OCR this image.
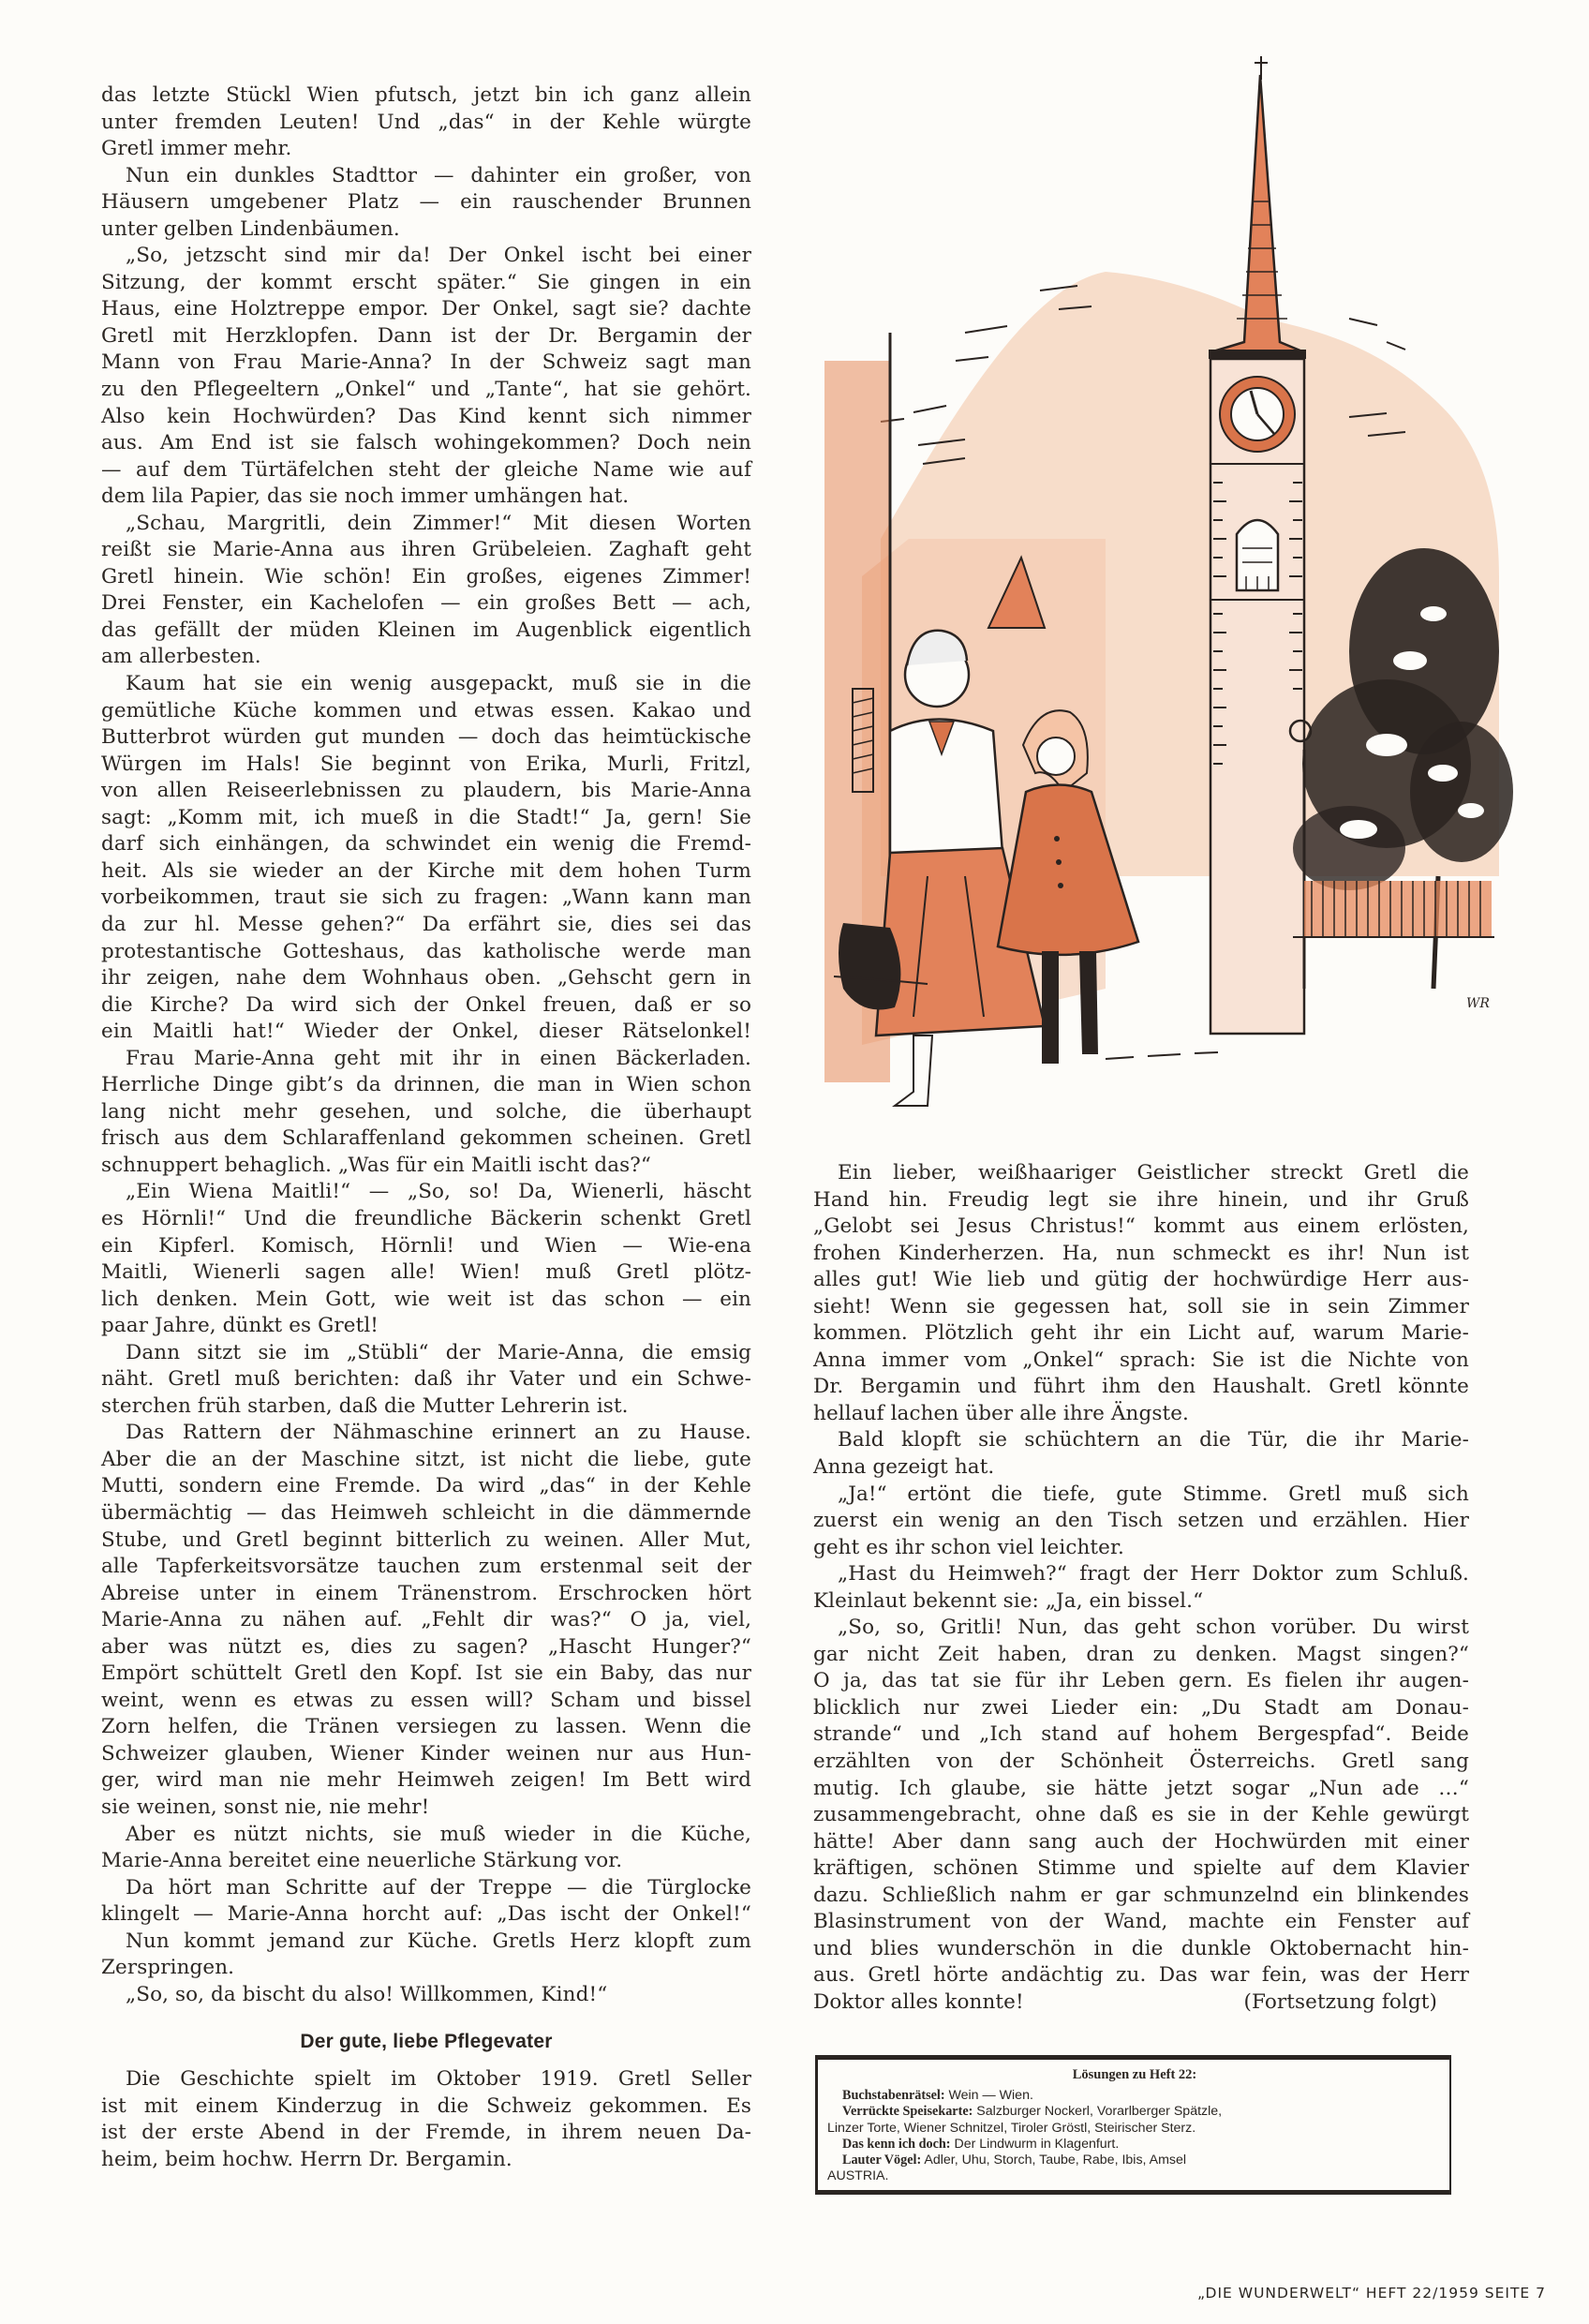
das letzte Stückl Wien pfutsch, jetzt bin ich ganz allein
unter fremden Leuten! Und „das“ in der Kehle würgte
Gretl immer mehr.
Nun ein dunkles Stadttor — dahinter ein großer, von
Häusern umgebener Platz — ein rauschender Brunnen
unter gelben Lindenbäumen.
„So, jetzscht sind mir da! Der Onkel ischt bei einer
Sitzung, der kommt erscht später.“ Sie gingen in ein
Haus, eine Holztreppe empor. Der Onkel, sagt sie? dachte
Gretl mit Herzklopfen. Dann ist der Dr. Bergamin der
Mann von Frau Marie-Anna? In der Schweiz sagt man
zu den Pflegeeltern „Onkel“ und „Tante“, hat sie gehört.
Also kein Hochwürden? Das Kind kennt sich nimmer
aus. Am End ist sie falsch wohingekommen? Doch nein
— auf dem Türtäfelchen steht der gleiche Name wie auf
dem lila Papier, das sie noch immer umhängen hat.
„Schau, Margritli, dein Zimmer!“ Mit diesen Worten
reißt sie Marie-Anna aus ihren Grübeleien. Zaghaft geht
Gretl hinein. Wie schön! Ein großes, eigenes Zimmer!
Drei Fenster, ein Kachelofen — ein großes Bett — ach,
das gefällt der müden Kleinen im Augenblick eigentlich
am allerbesten.
Kaum hat sie ein wenig ausgepackt, muß sie in die
gemütliche Küche kommen und etwas essen. Kakao und
Butterbrot würden gut munden — doch das heimtückische
Würgen im Hals! Sie beginnt von Erika, Murli, Fritzl,
von allen Reiseerlebnissen zu plaudern, bis Marie-Anna
sagt: „Komm mit, ich mueß in die Stadt!“ Ja, gern! Sie
darf sich einhängen, da schwindet ein wenig die Fremd-
heit. Als sie wieder an der Kirche mit dem hohen Turm
vorbeikommen, traut sie sich zu fragen: „Wann kann man
da zur hl. Messe gehen?“ Da erfährt sie, dies sei das
protestantische Gotteshaus, das katholische werde man
ihr zeigen, nahe dem Wohnhaus oben. „Gehscht gern in
die Kirche? Da wird sich der Onkel freuen, daß er so
ein Maitli hat!“ Wieder der Onkel, dieser Rätselonkel!
Frau Marie-Anna geht mit ihr in einen Bäckerladen.
Herrliche Dinge gibt’s da drinnen, die man in Wien schon
lang nicht mehr gesehen, und solche, die überhaupt
frisch aus dem Schlaraffenland gekommen scheinen. Gretl
schnuppert behaglich. „Was für ein Maitli ischt das?“
„Ein Wiena Maitli!“ — „So, so! Da, Wienerli, häscht
es Hörnli!“ Und die freundliche Bäckerin schenkt Gretl
ein Kipferl. Komisch, Hörnli! und Wien — Wie-ena
Maitli, Wienerli sagen alle! Wien! muß Gretl plötz-
lich denken. Mein Gott, wie weit ist das schon — ein
paar Jahre, dünkt es Gretl!
Dann sitzt sie im „Stübli“ der Marie-Anna, die emsig
näht. Gretl muß berichten: daß ihr Vater und ein Schwe-
sterchen früh starben, daß die Mutter Lehrerin ist.
Das Rattern der Nähmaschine erinnert an zu Hause.
Aber die an der Maschine sitzt, ist nicht die liebe, gute
Mutti, sondern eine Fremde. Da wird „das“ in der Kehle
übermächtig — das Heimweh schleicht in die dämmernde
Stube, und Gretl beginnt bitterlich zu weinen. Aller Mut,
alle Tapferkeitsvorsätze tauchen zum erstenmal seit der
Abreise unter in einem Tränenstrom. Erschrocken hört
Marie-Anna zu nähen auf. „Fehlt dir was?“ O ja, viel,
aber was nützt es, dies zu sagen? „Hascht Hunger?“
Empört schüttelt Gretl den Kopf. Ist sie ein Baby, das nur
weint, wenn es etwas zu essen will? Scham und bissel
Zorn helfen, die Tränen versiegen zu lassen. Wenn die
Schweizer glauben, Wiener Kinder weinen nur aus Hun-
ger, wird man nie mehr Heimweh zeigen! Im Bett wird
sie weinen, sonst nie, nie mehr!
Aber es nützt nichts, sie muß wieder in die Küche,
Marie-Anna bereitet eine neuerliche Stärkung vor.
Da hört man Schritte auf der Treppe — die Türglocke
klingelt — Marie-Anna horcht auf: „Das ischt der Onkel!“
Nun kommt jemand zur Küche. Gretls Herz klopft zum
Zerspringen.
„So, so, da bischt du also! Willkommen, Kind!“
Der gute, liebe Pflegevater
Die Geschichte spielt im Oktober 1919. Gretl Seller
ist mit einem Kinderzug in die Schweiz gekommen. Es
ist der erste Abend in der Fremde, in ihrem neuen Da-
heim, beim hochw. Herrn Dr. Bergamin.
WR
Ein lieber, weißhaariger Geistlicher streckt Gretl die
Hand hin. Freudig legt sie ihre hinein, und ihr Gruß
„Gelobt sei Jesus Christus!“ kommt aus einem erlösten,
frohen Kinderherzen. Ha, nun schmeckt es ihr! Nun ist
alles gut! Wie lieb und gütig der hochwürdige Herr aus-
sieht! Wenn sie gegessen hat, soll sie in sein Zimmer
kommen. Plötzlich geht ihr ein Licht auf, warum Marie-
Anna immer vom „Onkel“ sprach: Sie ist die Nichte von
Dr. Bergamin und führt ihm den Haushalt. Gretl könnte
hellauf lachen über alle ihre Ängste.
Bald klopft sie schüchtern an die Tür, die ihr Marie-
Anna gezeigt hat.
„Ja!“ ertönt die tiefe, gute Stimme. Gretl muß sich
zuerst ein wenig an den Tisch setzen und erzählen. Hier
geht es ihr schon viel leichter.
„Hast du Heimweh?“ fragt der Herr Doktor zum Schluß.
Kleinlaut bekennt sie: „Ja, ein bissel.“
„So, so, Gritli! Nun, das geht schon vorüber. Du wirst
gar nicht Zeit haben, dran zu denken. Magst singen?“
O ja, das tat sie für ihr Leben gern. Es fielen ihr augen-
blicklich nur zwei Lieder ein: „Du Stadt am Donau-
strande“ und „Ich stand auf hohem Bergespfad“. Beide
erzählten von der Schönheit Österreichs. Gretl sang
mutig. Ich glaube, sie hätte jetzt sogar „Nun ade …“
zusammengebracht, ohne daß es sie in der Kehle gewürgt
hätte! Aber dann sang auch der Hochwürden mit einer
kräftigen, schönen Stimme und spielte auf dem Klavier
dazu. Schließlich nahm er gar schmunzelnd ein blinkendes
Blasinstrument von der Wand, machte ein Fenster auf
und blies wunderschön in die dunkle Oktobernacht hin-
aus. Gretl hörte andächtig zu. Das war fein, was der Herr
Doktor alles konnte!	(Fortsetzung folgt)
Lösungen zu Heft 22:
Buchstabenrätsel: Wein — Wien.
Verrückte Speisekarte: Salzburger Nockerl, Vorarlberger Spätzle,
Linzer Torte, Wiener Schnitzel, Tiroler Gröstl, Steirischer Sterz.
Das kenn ich doch: Der Lindwurm in Klagenfurt.
Lauter Vögel: Adler, Uhu, Storch, Taube, Rabe, Ibis, Amsel
AUSTRIA.
„DIE WUNDERWELT“ HEFT 22/1959 SEITE 7
